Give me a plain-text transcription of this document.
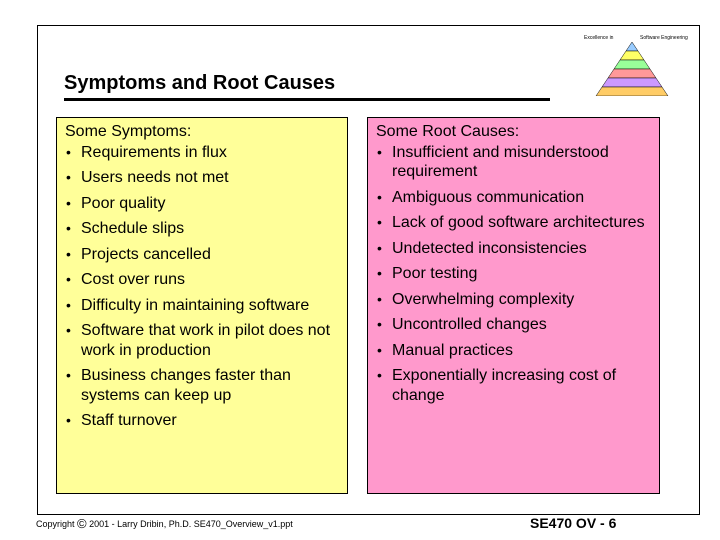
Excellence in	Software Engineering
Symptoms and Root Causes
Some Symptoms:
• Requirements in flux
• Users needs not met
• Poor quality
• Schedule slips
• Projects cancelled
• Cost over runs
• Difficulty in maintaining software
• Software that work in pilot does not work in production
• Business changes faster than systems can keep up
• Staff turnover
Some Root Causes:
• Insufficient and misunderstood requirement
• Ambiguous communication
• Lack of good software architectures
• Undetected inconsistencies
• Poor testing
• Overwhelming complexity
• Uncontrolled changes
• Manual practices
• Exponentially increasing cost of change
Copyright © 2001 - Larry Dribin, Ph.D. SE470_Overview_v1.ppt	SE470 OV - 6
